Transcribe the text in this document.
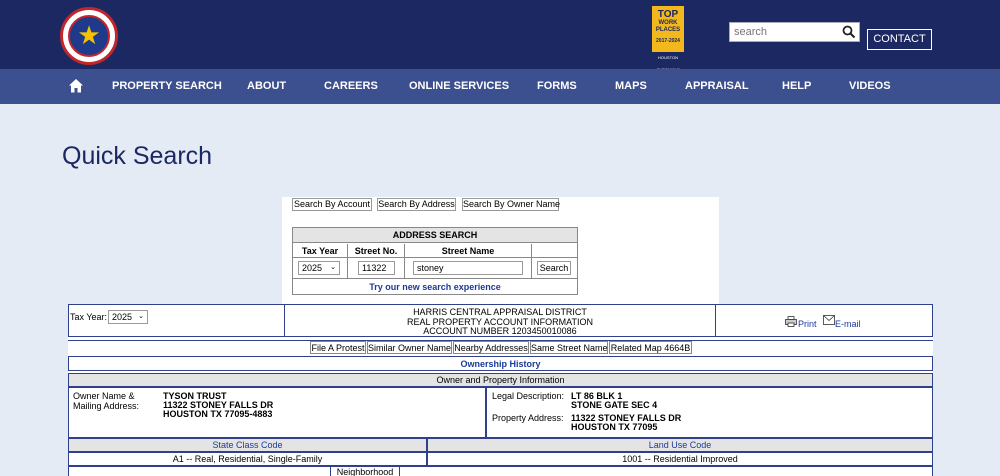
★
TOP
WORK PLACES
2017-2024
HOUSTON
search
CONTACT
PROPERTY SEARCH ABOUT	CAREERS	ONLINE SERVICES	FORMS	MAPS	APPRAISAL	HELP	VIDEOS
Quick Search
Search By Account Search By Address Search By Owner Name
ADDRESS SEARCH
Tax Year	Street No.	Street Name
2025 ⌄	11322	stoney	Search
Try our new search experience
Tax Year: 2025 ⌄	HARRIS CENTRAL APPRAISAL DISTRICT
REAL PROPERTY ACCOUNT INFORMATION
ACCOUNT NUMBER 1203450010086
Print E-mail
Ownership History
Owner and Property Information
Owner Name &
Mailing Address:
TYSON TRUST
11322 STONEY FALLS DR
HOUSTON TX 77095-4883
Legal Description: LT 86 BLK 1
STONE GATE SEC 4
Property Address: 11322 STONEY FALLS DR
HOUSTON TX 77095
State Class Code	Land Use Code
A1 -- Real, Residential, Single-Family	1001 -- Residential Improved
Neighborhood
File A Protest Similar Owner Name Nearby Addresses Same Street Name Related Map 4664B
